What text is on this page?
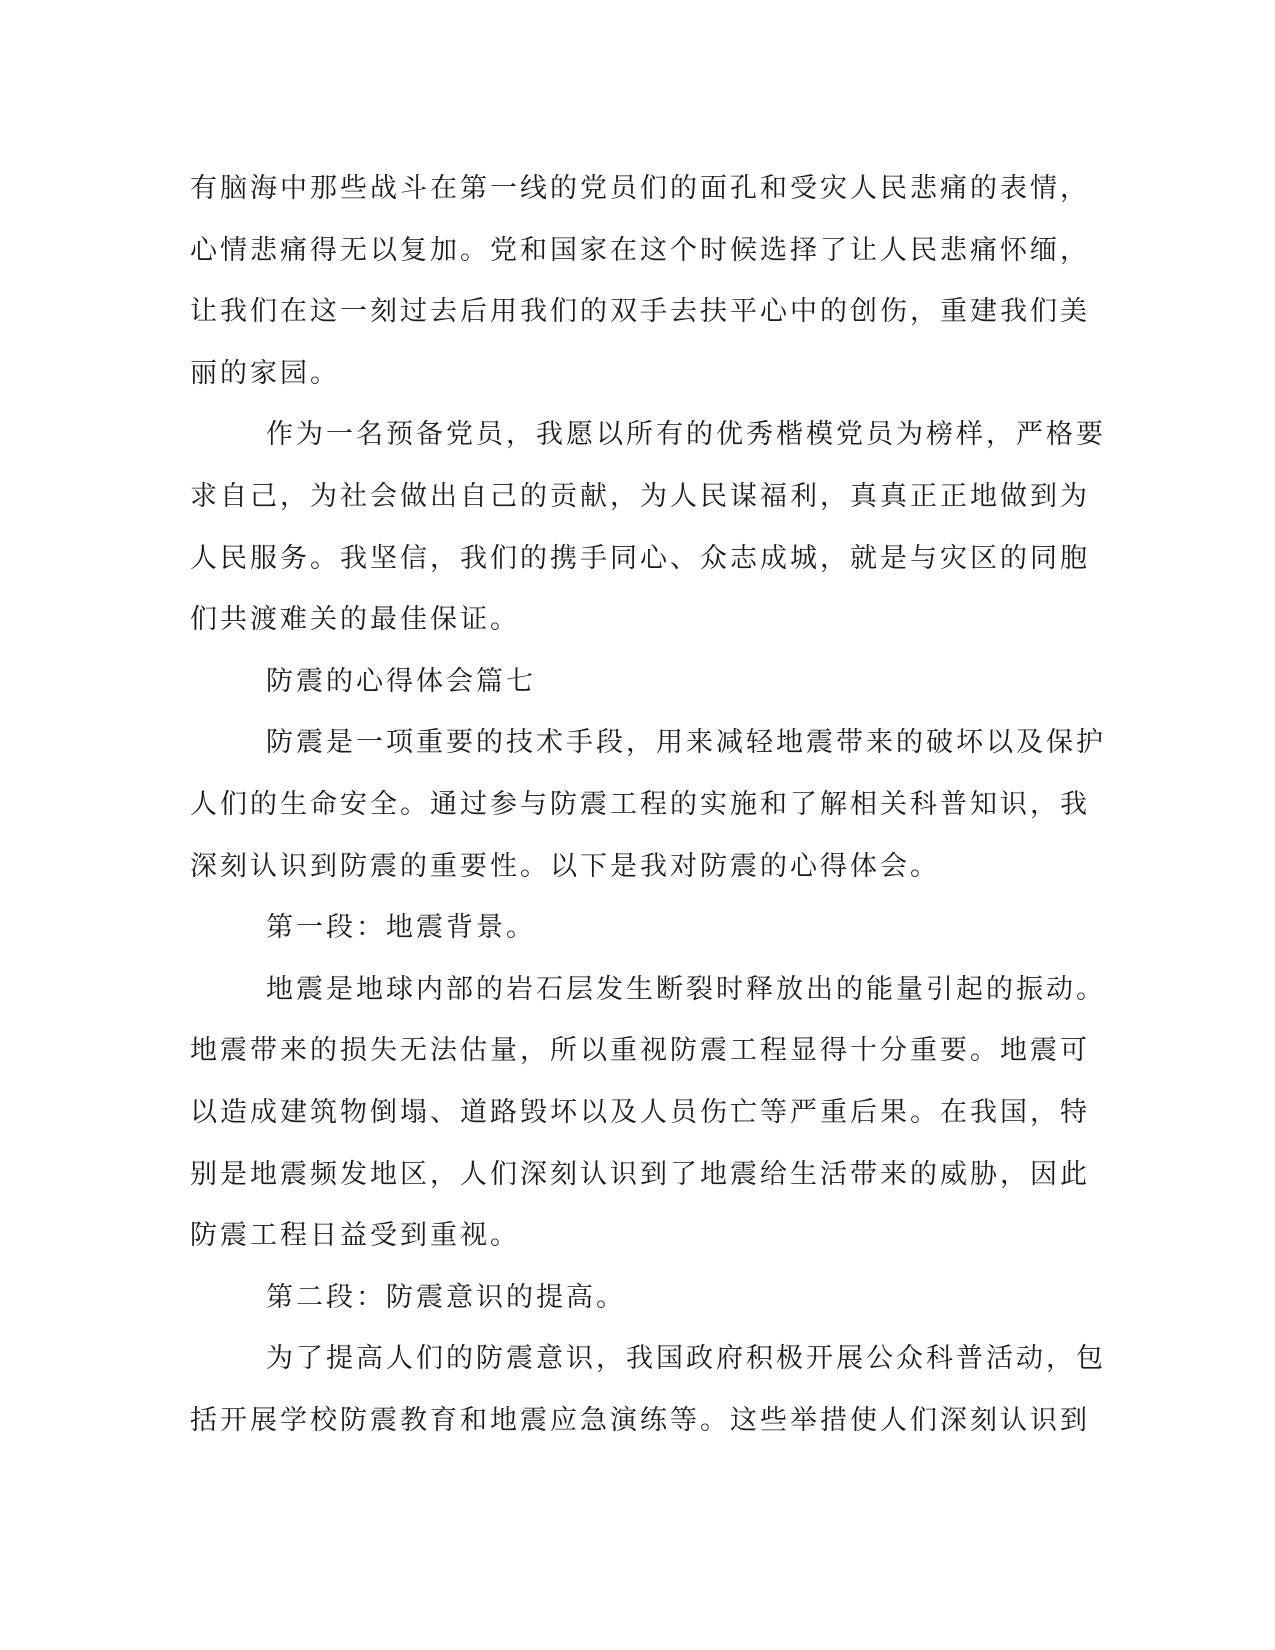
有脑海中那些战斗在第一线的党员们的面孔和受灾人民悲痛的表情，
心情悲痛得无以复加。党和国家在这个时候选择了让人民悲痛怀缅，
让我们在这一刻过去后用我们的双手去扶平心中的创伤，重建我们美
丽的家园。
作为一名预备党员，我愿以所有的优秀楷模党员为榜样，严格要
求自己，为社会做出自己的贡献，为人民谋福利，真真正正地做到为
人民服务。我坚信，我们的携手同心、众志成城，就是与灾区的同胞
们共渡难关的最佳保证。
防震的心得体会篇七
防震是一项重要的技术手段，用来减轻地震带来的破坏以及保护
人们的生命安全。通过参与防震工程的实施和了解相关科普知识，我
深刻认识到防震的重要性。以下是我对防震的心得体会。
第一段：地震背景。
地震是地球内部的岩石层发生断裂时释放出的能量引起的振动。
地震带来的损失无法估量，所以重视防震工程显得十分重要。地震可
以造成建筑物倒塌、道路毁坏以及人员伤亡等严重后果。在我国，特
别是地震频发地区，人们深刻认识到了地震给生活带来的威胁，因此
防震工程日益受到重视。
第二段：防震意识的提高。
为了提高人们的防震意识，我国政府积极开展公众科普活动，包
括开展学校防震教育和地震应急演练等。这些举措使人们深刻认识到
